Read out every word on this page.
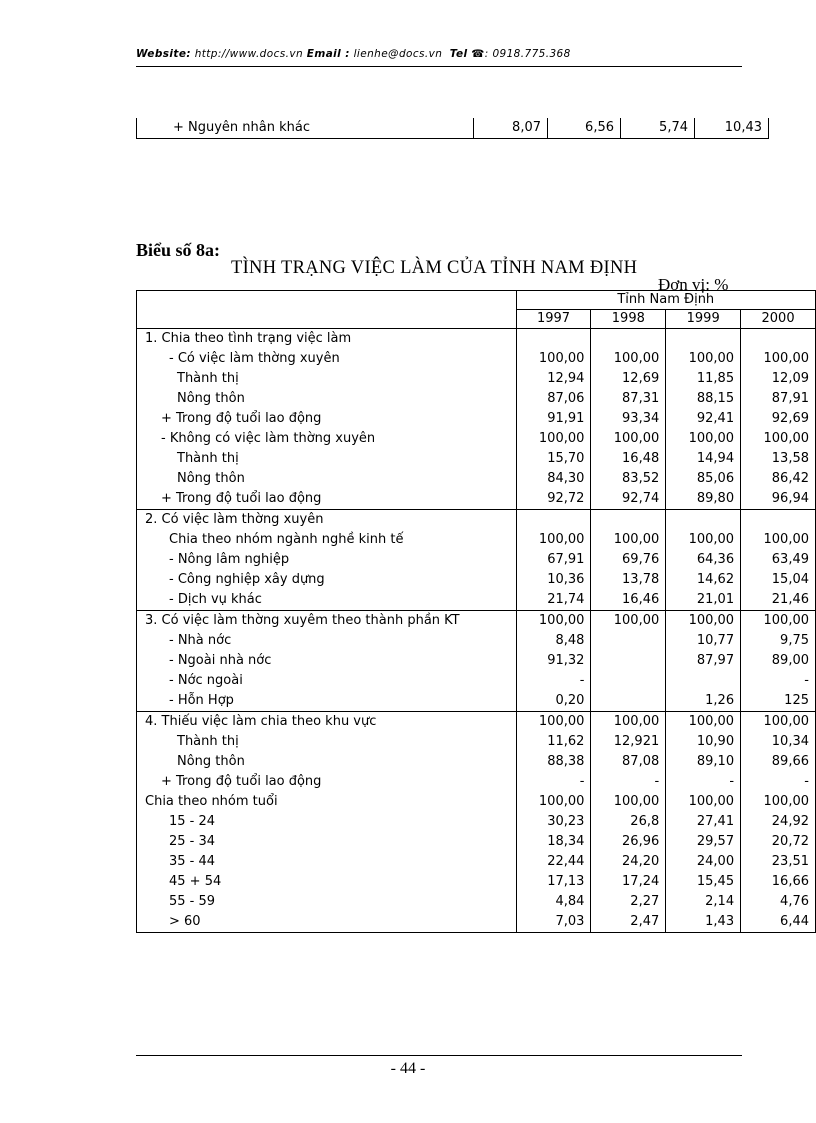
Website: http://www.docs.vn Email : lienhe@docs.vn Tel ☎: 0918.775.368
+ Nguyên nhân khác	8,07	6,56	5,74	10,43
Biểu số 8a:
TÌNH TRẠNG VIỆC LÀM CỦA TỈNH NAM ĐỊNH
Đơn vị: %
	Tỉnh Nam Định			
	1997	1998	1999	2000
1. Chia theo tình trạng việc làm				
- Có việc làm thờng xuyên	100,00	100,00	100,00	100,00
Thành thị	12,94	12,69	11,85	12,09
Nông thôn	87,06	87,31	88,15	87,91
+ Trong độ tuổi lao động	91,91	93,34	92,41	92,69
- Không có việc làm thờng xuyên	100,00	100,00	100,00	100,00
Thành thị	15,70	16,48	14,94	13,58
Nông thôn	84,30	83,52	85,06	86,42
+ Trong độ tuổi lao động	92,72	92,74	89,80	96,94
2. Có việc làm thờng xuyên				
Chia theo nhóm ngành nghề kinh tế	100,00	100,00	100,00	100,00
- Nông lâm nghiệp	67,91	69,76	64,36	63,49
- Công nghiệp xây dựng	10,36	13,78	14,62	15,04
- Dịch vụ khác	21,74	16,46	21,01	21,46
3. Có việc làm thờng xuyêm theo thành phần KT	100,00	100,00	100,00	100,00
- Nhà nớc	8,48		10,77	9,75
- Ngoài nhà nớc	91,32		87,97	89,00
- Nớc ngoài	-			-
- Hỗn Hợp	0,20		1,26	125
4. Thiếu việc làm chia theo khu vực	100,00	100,00	100,00	100,00
Thành thị	11,62	12,921	10,90	10,34
Nông thôn	88,38	87,08	89,10	89,66
+ Trong độ tuổi lao động	-	-	-	-
Chia theo nhóm tuổi	100,00	100,00	100,00	100,00
15 - 24	30,23	26,8	27,41	24,92
25 - 34	18,34	26,96	29,57	20,72
35 - 44	22,44	24,20	24,00	23,51
45 + 54	17,13	17,24	15,45	16,66
55 - 59	4,84	2,27	2,14	4,76
> 60	7,03	2,47	1,43	6,44
- 44 -
